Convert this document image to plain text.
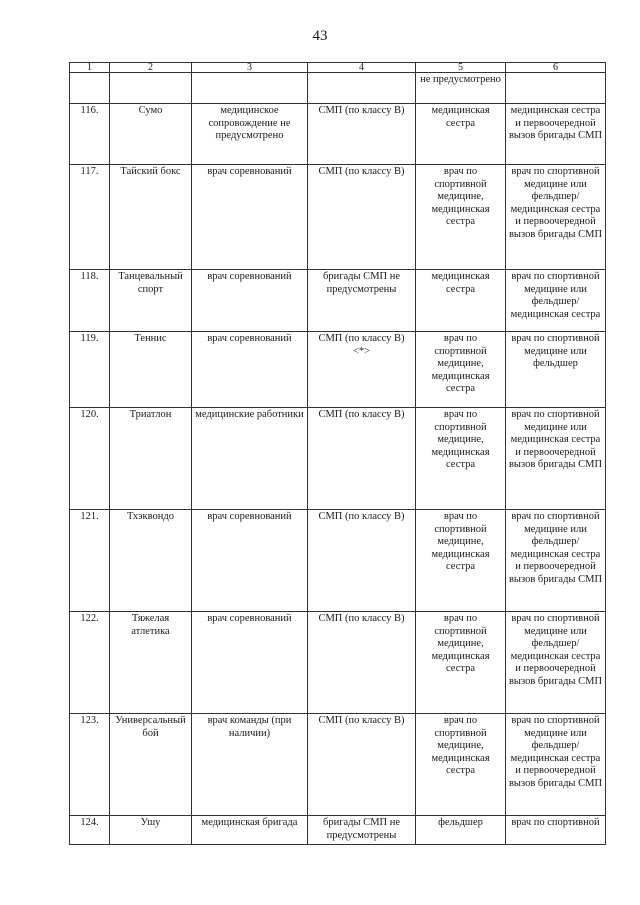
43
1	2	3	4	5	6
				не предусмотрено	
116.	Сумо	медицинское сопровождение не предусмотрено	СМП (по классу В)	медицинская сестра	медицинская сестра и первоочередной вызов бригады СМП
117.	Тайский бокс	врач соревнований	СМП (по классу В)	врач по спортивной медицине, медицинская сестра	врач по спортивной медицине или фельдшер/медицинская сестра и первоочередной вызов бригады СМП
118.	Танцевальный спорт	врач соревнований	бригады СМП не предусмотрены	медицинская сестра	врач по спортивной медицине или фельдшер/медицинская сестра
119.	Теннис	врач соревнований	СМП (по классу В) <*>	врач по спортивной медицине, медицинская сестра	врач по спортивной медицине или фельдшер
120.	Триатлон	медицинские работники	СМП (по классу В)	врач по спортивной медицине, медицинская сестра	врач по спортивной медицине или медицинская сестра и первоочередной вызов бригады СМП
121.	Тхэквондо	врач соревнований	СМП (по классу В)	врач по спортивной медицине, медицинская сестра	врач по спортивной медицине или фельдшер/медицинская сестра и первоочередной вызов бригады СМП
122.	Тяжелая атлетика	врач соревнований	СМП (по классу В)	врач по спортивной медицине, медицинская сестра	врач по спортивной медицине или фельдшер/медицинская сестра и первоочередной вызов бригады СМП
123.	Универсальный бой	врач команды (при наличии)	СМП (по классу В)	врач по спортивной медицине, медицинская сестра	врач по спортивной медицине или фельдшер/медицинская сестра и первоочередной вызов бригады СМП
124.	Ушу	медицинская бригада	бригады СМП не предусмотрены	фельдшер	врач по спортивной
